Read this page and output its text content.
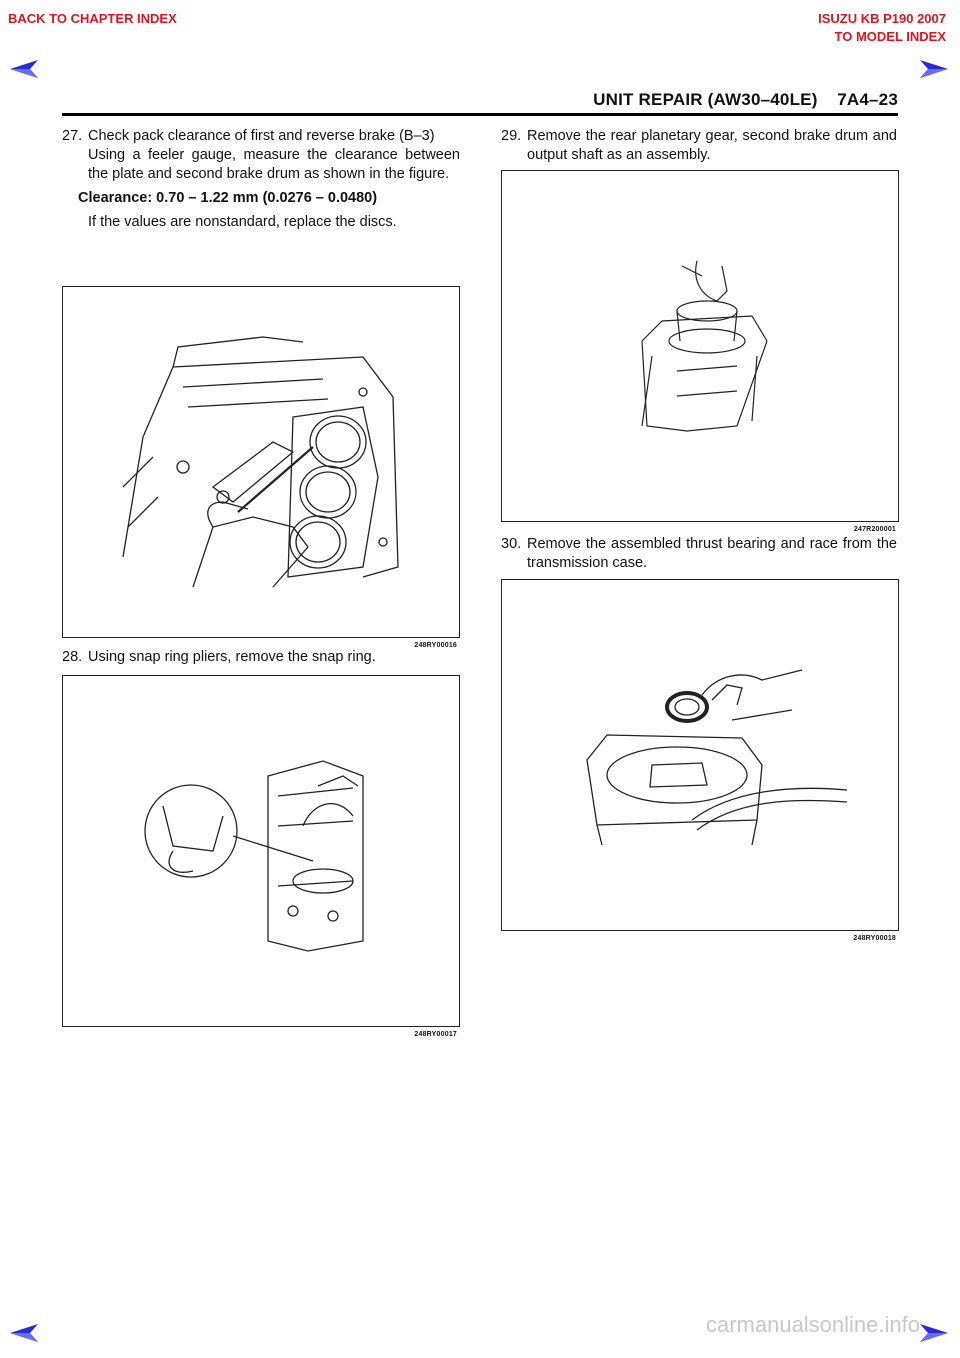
BACK TO CHAPTER INDEX	ISUZU KB P190 2007
TO MODEL INDEX
UNIT REPAIR (AW30–40LE)    7A4–23
27. Check pack clearance of first and reverse brake (B–3)
Using a feeler gauge, measure the clearance between the plate and second brake drum as shown in the figure.
Clearance: 0.70 – 1.22 mm (0.0276 – 0.0480)
If the values are nonstandard, replace the discs.
248RY00016
28. Using snap ring pliers, remove the snap ring.
248RY00017
29. Remove the rear planetary gear, second brake drum and output shaft as an assembly.
247R200001
30. Remove the assembled thrust bearing and race from the transmission case.
248RY00018
carmanualsonline.info
